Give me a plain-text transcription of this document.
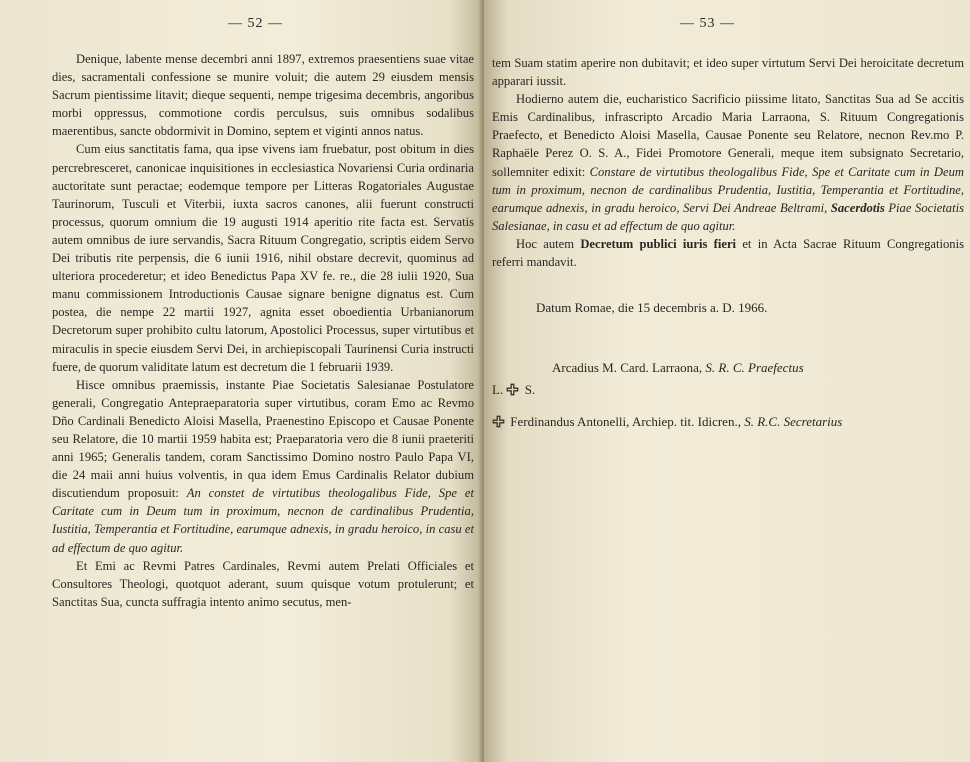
— 52 —

Denique, labente mense decembri anni 1897, extremos praesentiens suae vitae dies, sacramentali confessione se munire voluit; die autem 29 eiusdem mensis Sacrum pientissime litavit; dieque sequenti, nempe trigesima decembris, angoribus morbi oppressus, commotione cordis perculsus, suis omnibus sodalibus maerentibus, sancte obdormivit in Domino, septem et viginti annos natus.

Cum eius sanctitatis fama, qua ipse vivens iam fruebatur, post obitum in dies percrebresceret, canonicae inquisitiones in ecclesiastica Novariensi Curia ordinaria auctoritate sunt peractae; eodemque tempore per Litteras Rogatoriales Augustae Taurinorum, Tusculi et Viterbii, iuxta sacros canones, alii fuerunt constructi processus, quorum omnium die 19 augusti 1914 aperitio rite facta est. Servatis autem omnibus de iure servandis, Sacra Rituum Congregatio, scriptis eidem Servo Dei tributis rite perpensis, die 6 iunii 1916, nihil obstare decrevit, quominus ad ulteriora procederetur; et ideo Benedictus Papa XV fe. re., die 28 iulii 1920, Sua manu commissionem Introductionis Causae signare benigne dignatus est. Cum postea, die nempe 22 martii 1927, agnita esset oboedientia Urbanianorum Decretorum super prohibito cultu latorum, Apostolici Processus, super virtutibus et miraculis in specie eiusdem Servi Dei, in archiepiscopali Taurinensi Curia instructi fuere, de quorum validitate latum est decretum die 1 februarii 1939.

Hisce omnibus praemissis, instante Piae Societatis Salesianae Postulatore generali, Congregatio Antepraeparatoria super virtutibus, coram Emo ac Revmo Dño Cardinali Benedicto Aloisi Masella, Praenestino Episcopo et Causae Ponente seu Relatore, die 10 martii 1959 habita est; Praeparatoria vero die 8 iunii praeteriti anni 1965; Generalis tandem, coram Sanctissimo Domino nostro Paulo Papa VI, die 24 maii anni huius volventis, in qua idem Emus Cardinalis Relator dubium discutiendum proposuit: An constet de virtutibus theologalibus Fide, Spe et Caritate cum in Deum tum in proximum, necnon de cardinalibus Prudentia, Iustitia, Temperantia et Fortitudine, earumque adnexis, in gradu heroico, in casu et ad effectum de quo agitur.

Et Emi ac Revmi Patres Cardinales, Revmi autem Prelati Officiales et Consultores Theologi, quotquot aderant, suum quisque votum protulerunt; et Sanctitas Sua, cuncta suffragia intento animo secutus, men-

— 53 —

tem Suam statim aperire non dubitavit; et ideo super virtutum Servi Dei heroicitate decretum apparari iussit.

Hodierno autem die, eucharistico Sacrificio piissime litato, Sanctitas Sua ad Se accitis Emis Cardinalibus, infrascripto Arcadio Maria Larraona, S. Rituum Congregationis Praefecto, et Benedicto Aloisi Masella, Causae Ponente seu Relatore, necnon Rev.mo P. Raphaële Perez O. S. A., Fidei Promotore Generali, meque item subsignato Secretario, sollemniter edixit: Constare de virtutibus theologalibus Fide, Spe et Caritate cum in Deum tum in proximum, necnon de cardinalibus Prudentia, Iustitia, Temperantia et Fortitudine, earumque adnexis, in gradu heroico, Servi Dei Andreae Beltrami, Sacerdotis Piae Societatis Salesianae, in casu et ad effectum de quo agitur.

Hoc autem Decretum publici iuris fieri et in Acta Sacrae Rituum Congregationis referri mandavit.

Datum Romae, die 15 decembris a. D. 1966.
Arcadius M. Card. Larraona, S. R. C. Praefectus
L.  S.
Ferdinandus Antonelli, Archiep. tit. Idicren., S. R.C. Secretarius
